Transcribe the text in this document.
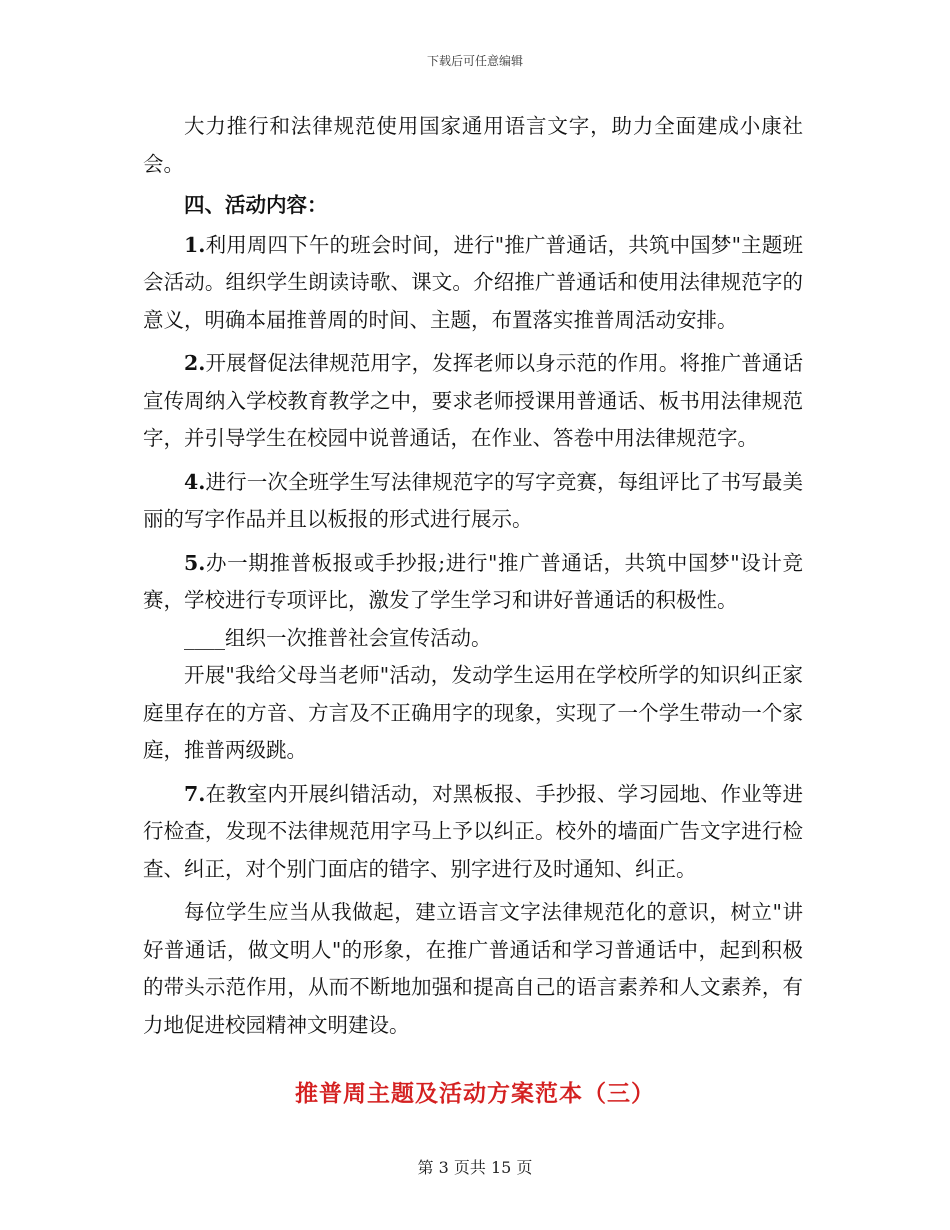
下载后可任意编辑

大力推行和法律规范使用国家通用语言文字，助力全面建成小康社会。

四、活动内容：

1.利用周四下午的班会时间，进行"推广普通话，共筑中国梦"主题班会活动。组织学生朗读诗歌、课文。介绍推广普通话和使用法律规范字的意义，明确本届推普周的时间、主题，布置落实推普周活动安排。

2.开展督促法律规范用字，发挥老师以身示范的作用。将推广普通话宣传周纳入学校教育教学之中，要求老师授课用普通话、板书用法律规范字，并引导学生在校园中说普通话，在作业、答卷中用法律规范字。

4.进行一次全班学生写法律规范字的写字竞赛，每组评比了书写最美丽的写字作品并且以板报的形式进行展示。

5.办一期推普板报或手抄报;进行"推广普通话，共筑中国梦"设计竞赛，学校进行专项评比，激发了学生学习和讲好普通话的积极性。

____组织一次推普社会宣传活动。

开展"我给父母当老师"活动，发动学生运用在学校所学的知识纠正家庭里存在的方音、方言及不正确用字的现象，实现了一个学生带动一个家庭，推普两级跳。

7.在教室内开展纠错活动，对黑板报、手抄报、学习园地、作业等进行检查，发现不法律规范用字马上予以纠正。校外的墙面广告文字进行检查、纠正，对个别门面店的错字、别字进行及时通知、纠正。

每位学生应当从我做起，建立语言文字法律规范化的意识，树立"讲好普通话，做文明人"的形象，在推广普通话和学习普通话中，起到积极的带头示范作用，从而不断地加强和提高自己的语言素养和人文素养，有力地促进校园精神文明建设。

推普周主题及活动方案范本（三）
第 3 页共 15 页
